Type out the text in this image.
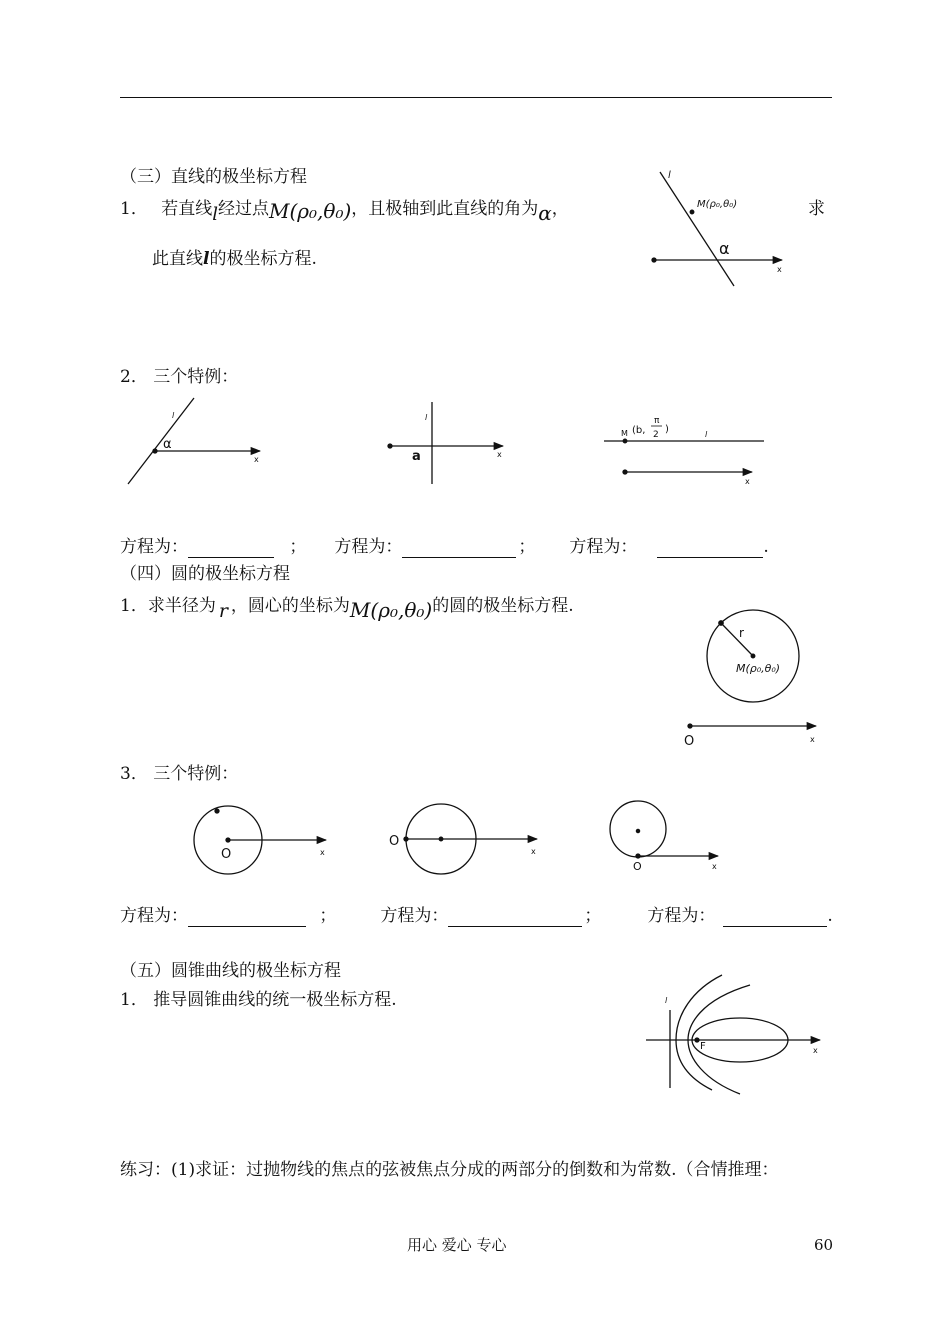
（三）直线的极坐标方程
1． 若直线l经过点M(ρ₀,θ₀)，且极轴到此直线的角为α，	求
此直线l的极坐标方程.
2． 三个特例：
方程为：	； 方程为：	； 方程为：	.
（四）圆的极坐标方程
1．求半径为 r ，圆心的坐标为M(ρ₀,θ₀)的圆的极坐标方程.
3． 三个特例：
方程为：	；	方程为：	；	方程为：	.
（五）圆锥曲线的极坐标方程
1． 推导圆锥曲线的统一极坐标方程.
练习：(1)求证：过抛物线的焦点的弦被焦点分成的两部分的倒数和为常数.（合情推理：
用心 爱心 专心	60
l
M(ρ₀,θ₀)
α
x
l
α
x
l
a	x
M (b,
π
2 )	l
x
r
M(ρ₀,θ₀)
O	x
O	x
O
x
O	x
l
F	x
